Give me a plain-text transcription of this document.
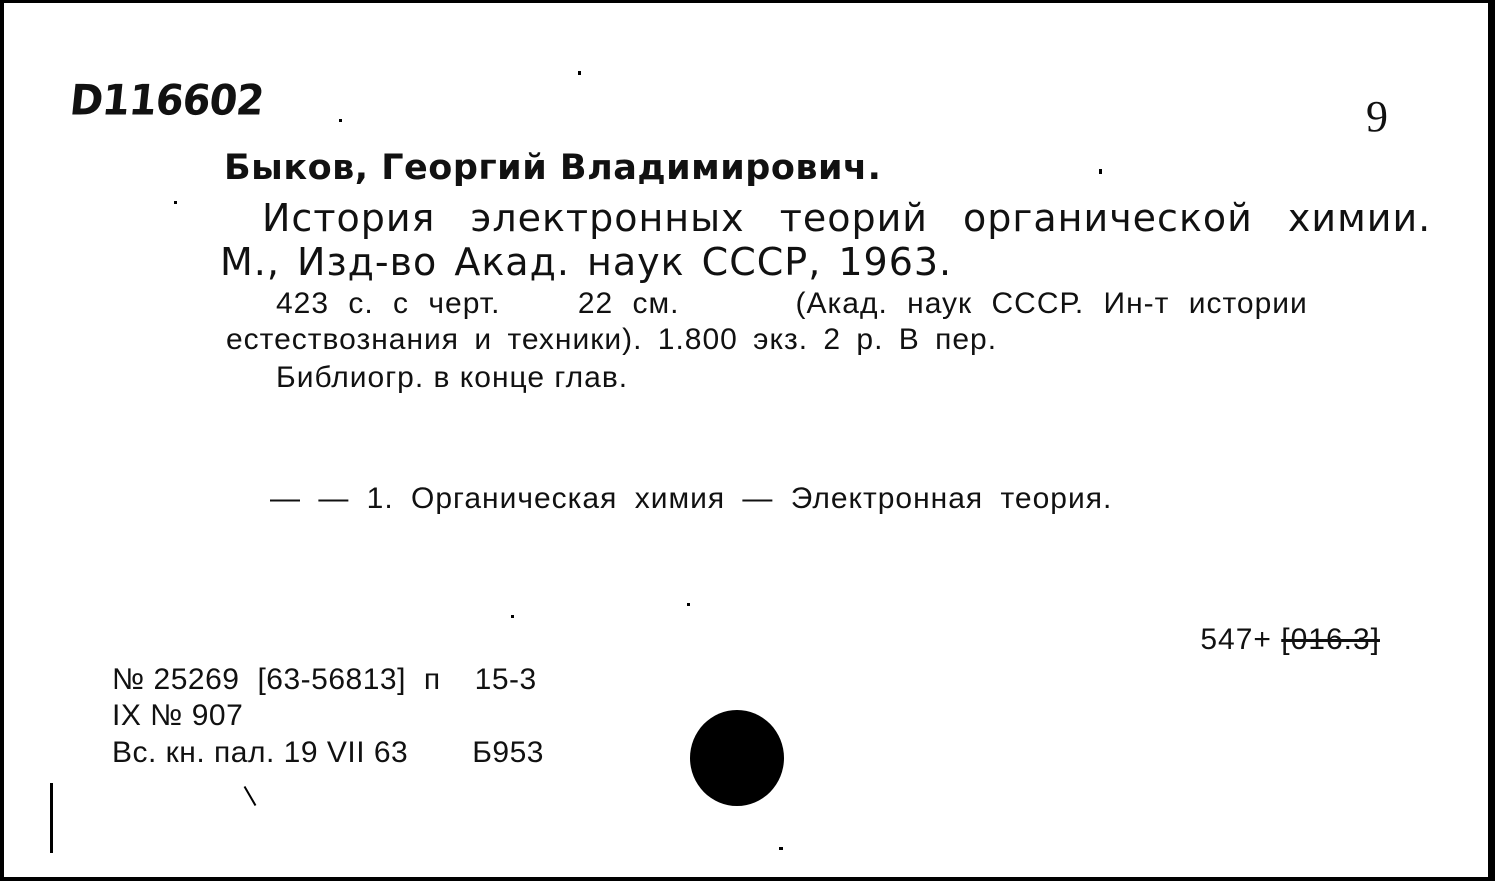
D116602	9
Быков, Георгий Владимирович.
История электронных теорий органической химии.
М., Изд-во Акад. наук СССР, 1963.
423 с. с черт.    22 см.      (Акад. наук СССР. Ин-т истории
естествознания и техники). 1.800 экз. 2 р. В пер.
Библиогр. в конце глав.
— — 1. Органическая химия — Электронная теория.
547+ [016.3]
№ 25269 [63-56813] п 15-3
IX № 907
Вс. кн. пал. 19 VII 63 Б953
